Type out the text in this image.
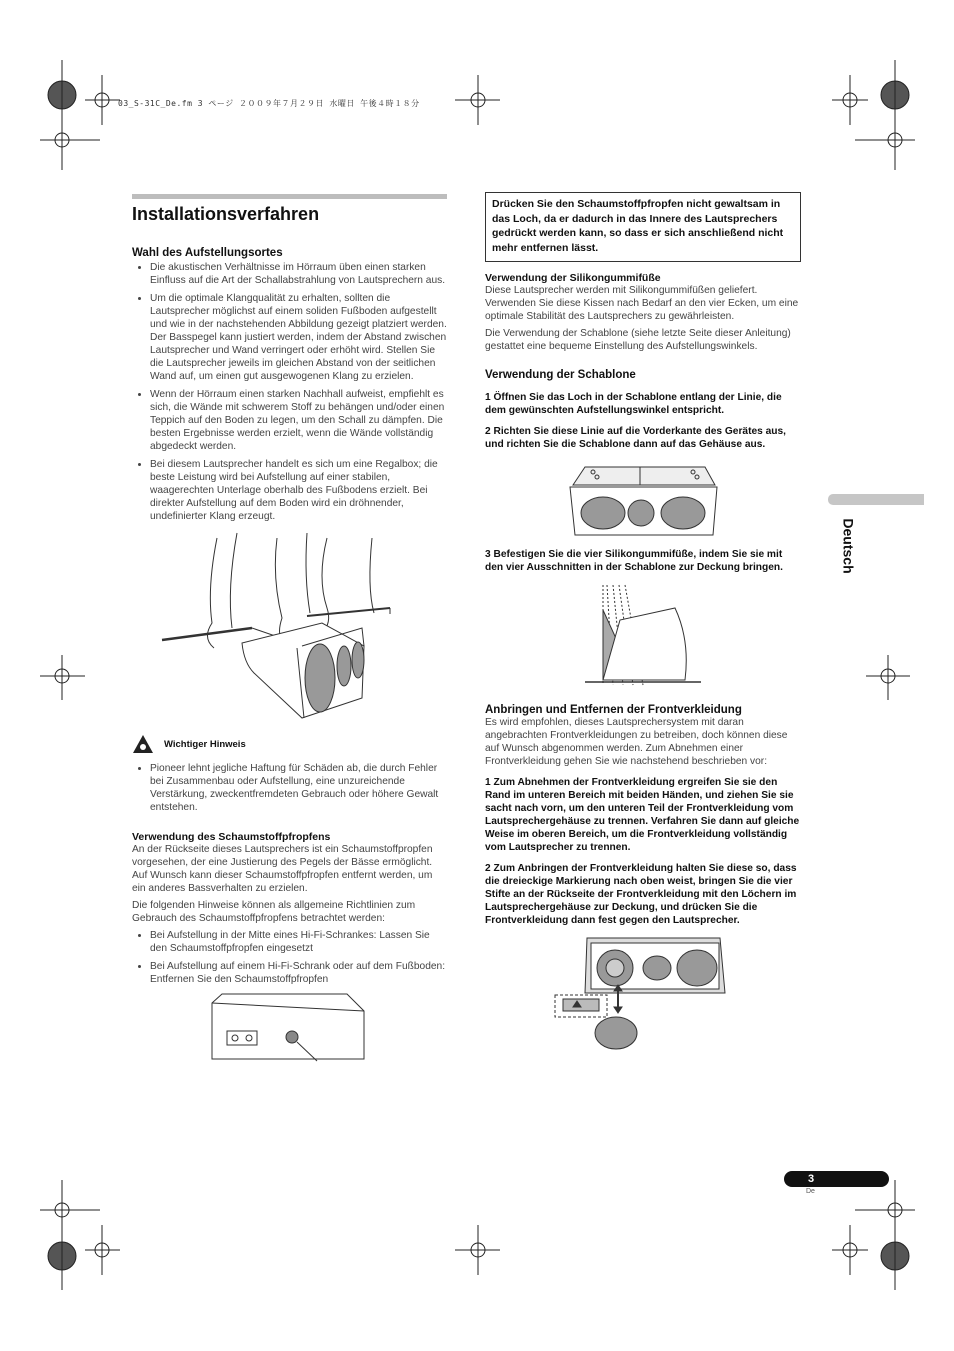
03_S-31C_De.fm 3 ページ ２００９年７月２９日 水曜日 午後４時１８分
Installationsverfahren
Wahl des Aufstellungsortes
• Die akustischen Verhältnisse im Hörraum üben einen starken Einfluss auf die Art der Schallabstrahlung von Lautsprechern aus.
• Um die optimale Klangqualität zu erhalten, sollten die Lautsprecher möglichst auf einem soliden Fußboden aufgestellt und wie in der nachstehenden Abbildung gezeigt platziert werden. Der Basspegel kann justiert werden, indem der Abstand zwischen Lautsprecher und Wand verringert oder erhöht wird. Stellen Sie die Lautsprecher jeweils im gleichen Abstand von der seitlichen Wand auf, um einen gut ausgewogenen Klang zu erzielen.
• Wenn der Hörraum einen starken Nachhall aufweist, empfiehlt es sich, die Wände mit schwerem Stoff zu behängen und/oder einen Teppich auf den Boden zu legen, um den Schall zu dämpfen. Die besten Ergebnisse werden erzielt, wenn die Wände vollständig abgedeckt werden.
• Bei diesem Lautsprecher handelt es sich um eine Regalbox; die beste Leistung wird bei Aufstellung auf einer stabilen, waagerechten Unterlage oberhalb des Fußbodens erzielt. Bei direkter Aufstellung auf dem Boden wird ein dröhnender, undefinierter Klang erzeugt.
Wichtiger Hinweis
• Pioneer lehnt jegliche Haftung für Schäden ab, die durch Fehler bei Zusammenbau oder Aufstellung, eine unzureichende Verstärkung, zweckentfremdeten Gebrauch oder höhere Gewalt entstehen.
Verwendung des Schaumstoffpfropfens

An der Rückseite dieses Lautsprechers ist ein Schaumstoffpropfen vorgesehen, der eine Justierung des Pegels der Bässe ermöglicht. Auf Wunsch kann dieser Schaumstoffpfropfen entfernt werden, um ein anderes Bassverhalten zu erzielen.

Die folgenden Hinweise können als allgemeine Richtlinien zum Gebrauch des Schaumstoffpfropfens betrachtet werden:

• Bei Aufstellung in der Mitte eines Hi-Fi-Schrankes: Lassen Sie den Schaumstoffpfropfen eingesetzt
• Bei Aufstellung auf einem Hi-Fi-Schrank oder auf dem Fußboden: Entfernen Sie den Schaumstoffpfropfen
Drücken Sie den Schaumstoffpfropfen nicht gewaltsam in das Loch, da er dadurch in das Innere des Lautsprechers gedrückt werden kann, so dass er sich anschließend nicht mehr entfernen lässt.
Verwendung der Silikongummifüße

Diese Lautsprecher werden mit Silikongummifüßen geliefert. Verwenden Sie diese Kissen nach Bedarf an den vier Ecken, um eine optimale Stabilität des Lautsprechers zu gewährleisten.

Die Verwendung der Schablone (siehe letzte Seite dieser Anleitung) gestattet eine bequeme Einstellung des Aufstellungswinkels.

Verwendung der Schablone

1 Öffnen Sie das Loch in der Schablone entlang der Linie, die dem gewünschten Aufstellungswinkel entspricht.

2 Richten Sie diese Linie auf die Vorderkante des Gerätes aus, und richten Sie die Schablone dann auf das Gehäuse aus.

3 Befestigen Sie die vier Silikongummifüße, indem Sie sie mit den vier Ausschnitten in der Schablone zur Deckung bringen.

Anbringen und Entfernen der Frontverkleidung

Es wird empfohlen, dieses Lautsprechersystem mit daran angebrachten Frontverkleidungen zu betreiben, doch können diese auf Wunsch abgenommen werden. Zum Abnehmen einer Frontverkleidung gehen Sie wie nachstehend beschrieben vor:

1 Zum Abnehmen der Frontverkleidung ergreifen Sie sie den Rand im unteren Bereich mit beiden Händen, und ziehen Sie sie sacht nach vorn, um den unteren Teil der Frontverkleidung vom Lautsprechergehäuse zu trennen. Verfahren Sie dann auf gleiche Weise im oberen Bereich, um die Frontverkleidung vollständig vom Lautsprecher zu trennen.

2 Zum Anbringen der Frontverkleidung halten Sie diese so, dass die dreieckige Markierung nach oben weist, bringen Sie die vier Stifte an der Rückseite der Frontverkleidung mit den Löchern im Lautsprechergehäuse zur Deckung, und drücken Sie die Frontverkleidung dann fest gegen den Lautsprecher.

Deutsch
3
De
